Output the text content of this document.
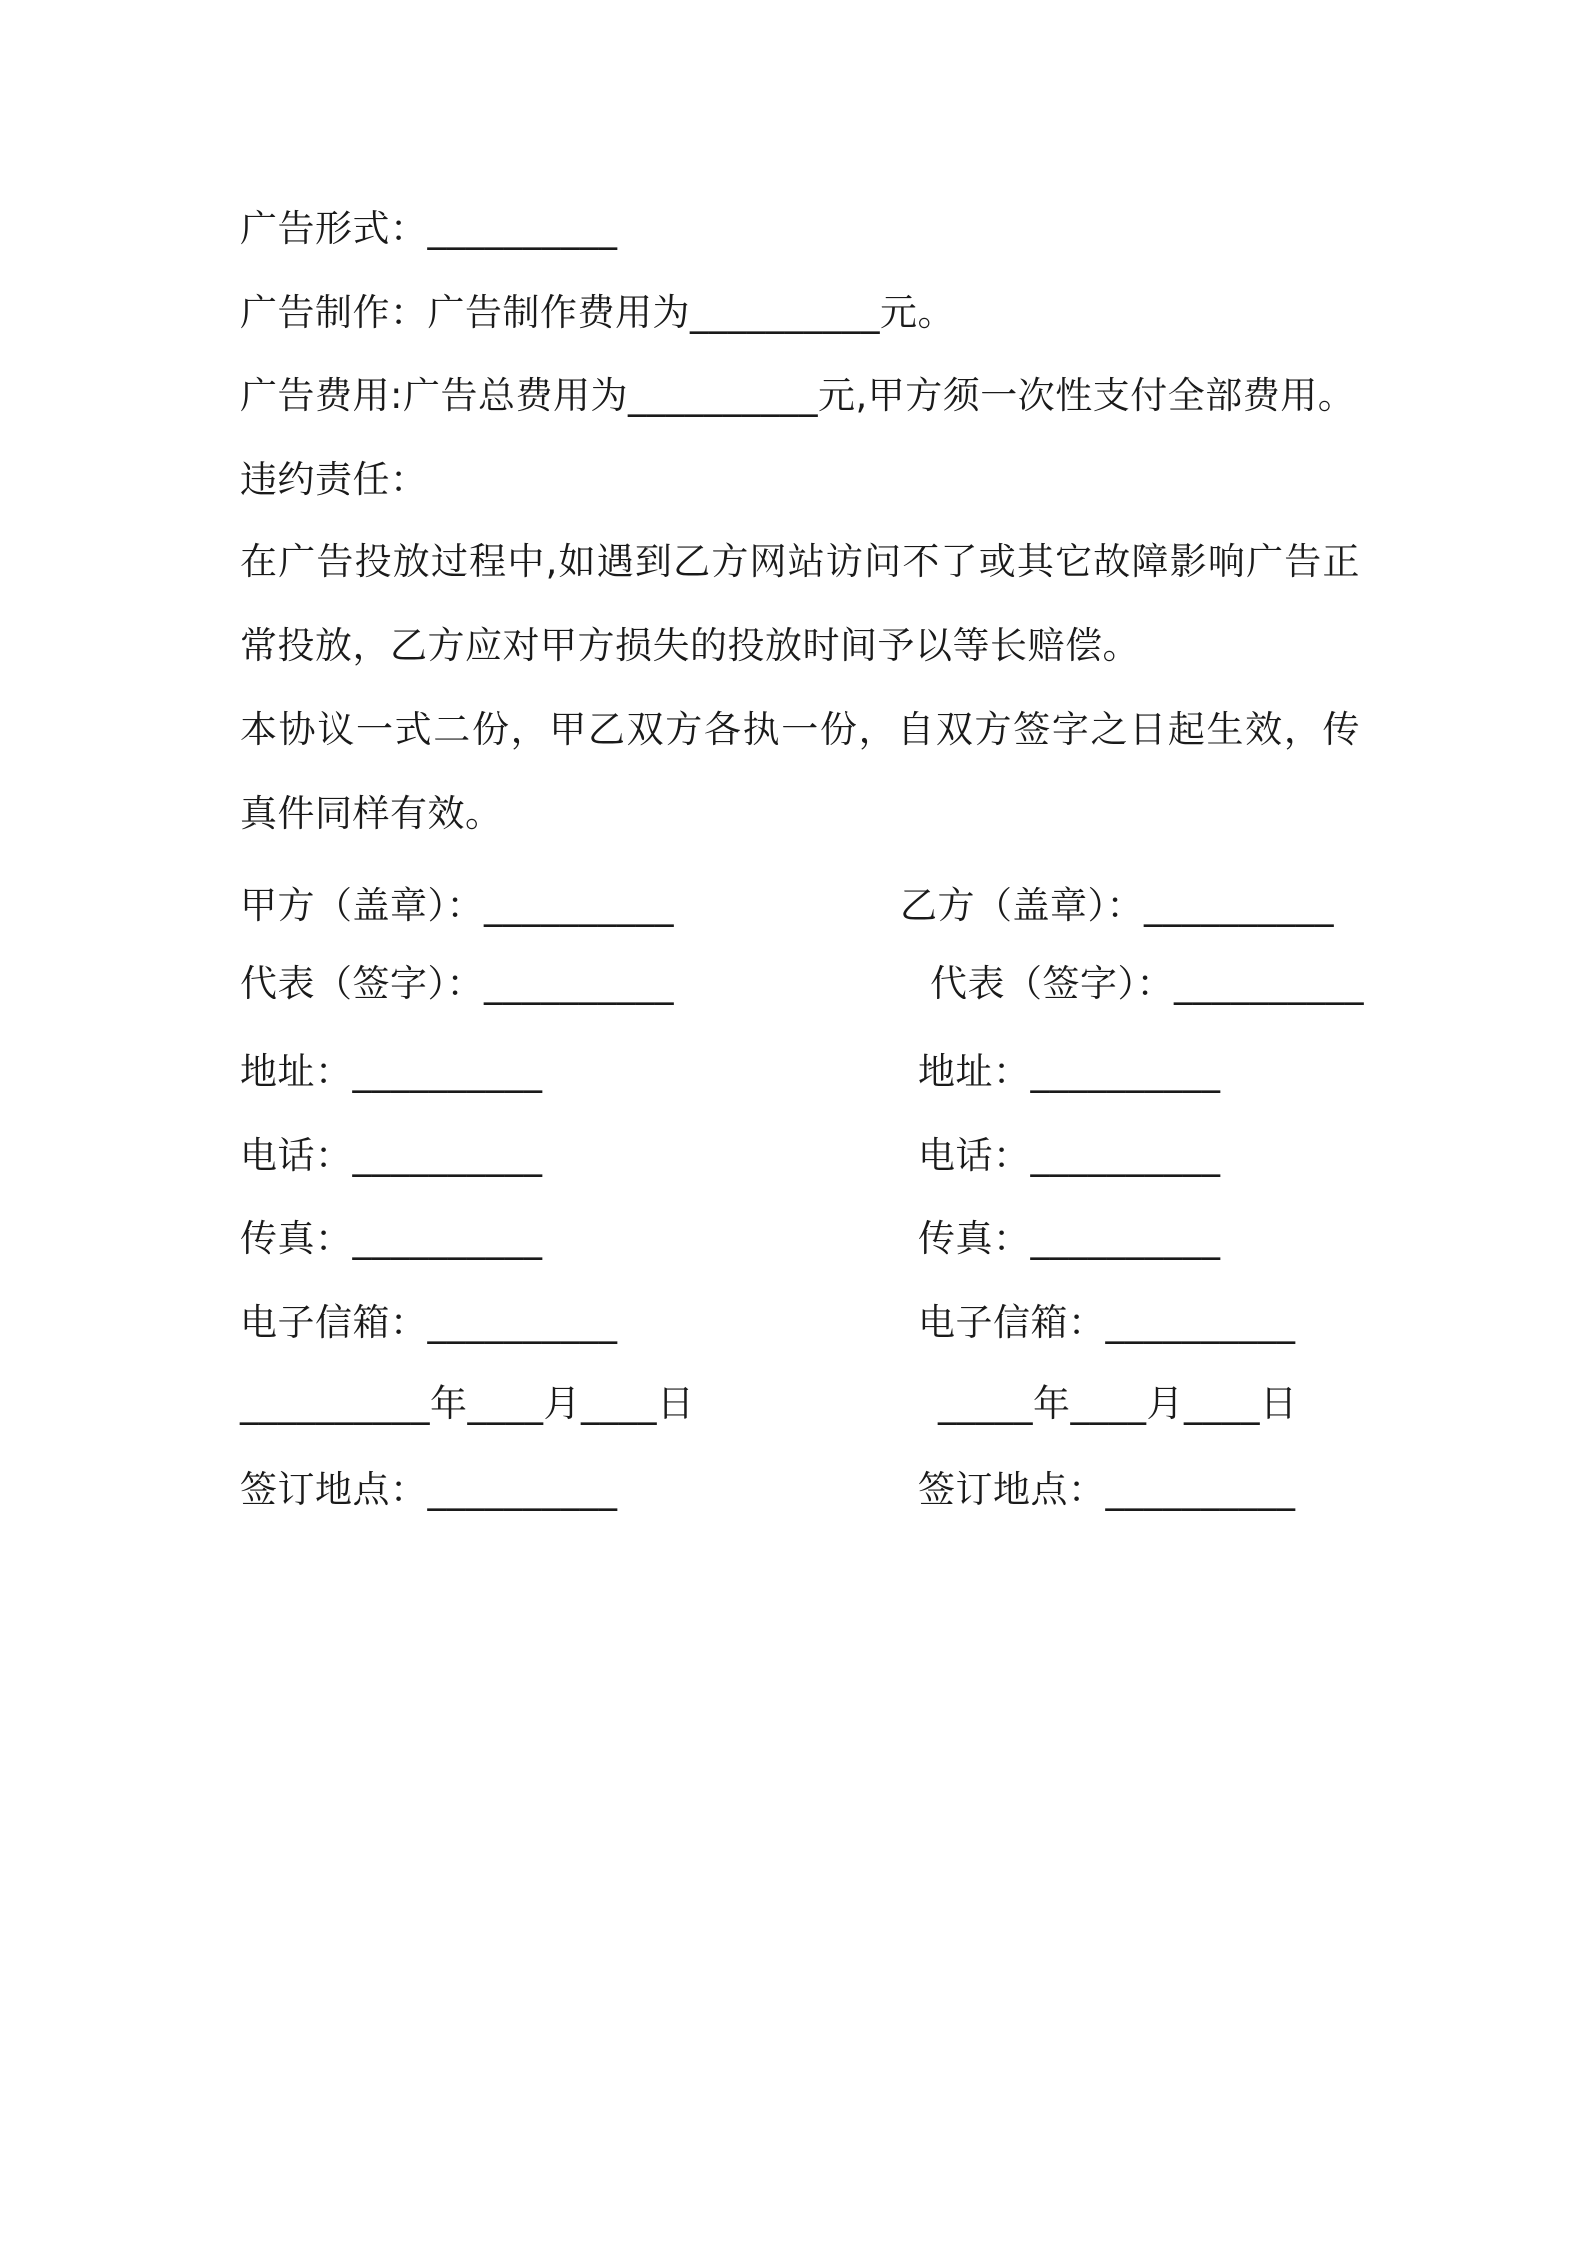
广告形式：__________
广告制作：广告制作费用为__________元。
广告费用:广告总费用为__________元,甲方须一次性支付全部费用。
违约责任：
在广告投放过程中,如遇到乙方网站访问不了或其它故障影响广告正常投放，乙方应对甲方损失的投放时间予以等长赔偿。
本协议一式二份，甲乙双方各执一份，自双方签字之日起生效，传真件同样有效。
甲方（盖章）：__________
代表（签字）：__________
地址：__________
电话：__________
传真：__________
电子信箱：__________
__________年____月____日
签订地点：__________
乙方（盖章）：__________
代表（签字）：__________
地址：__________
电话：__________
传真：__________
电子信箱：__________
_____年____月____日
签订地点：__________
